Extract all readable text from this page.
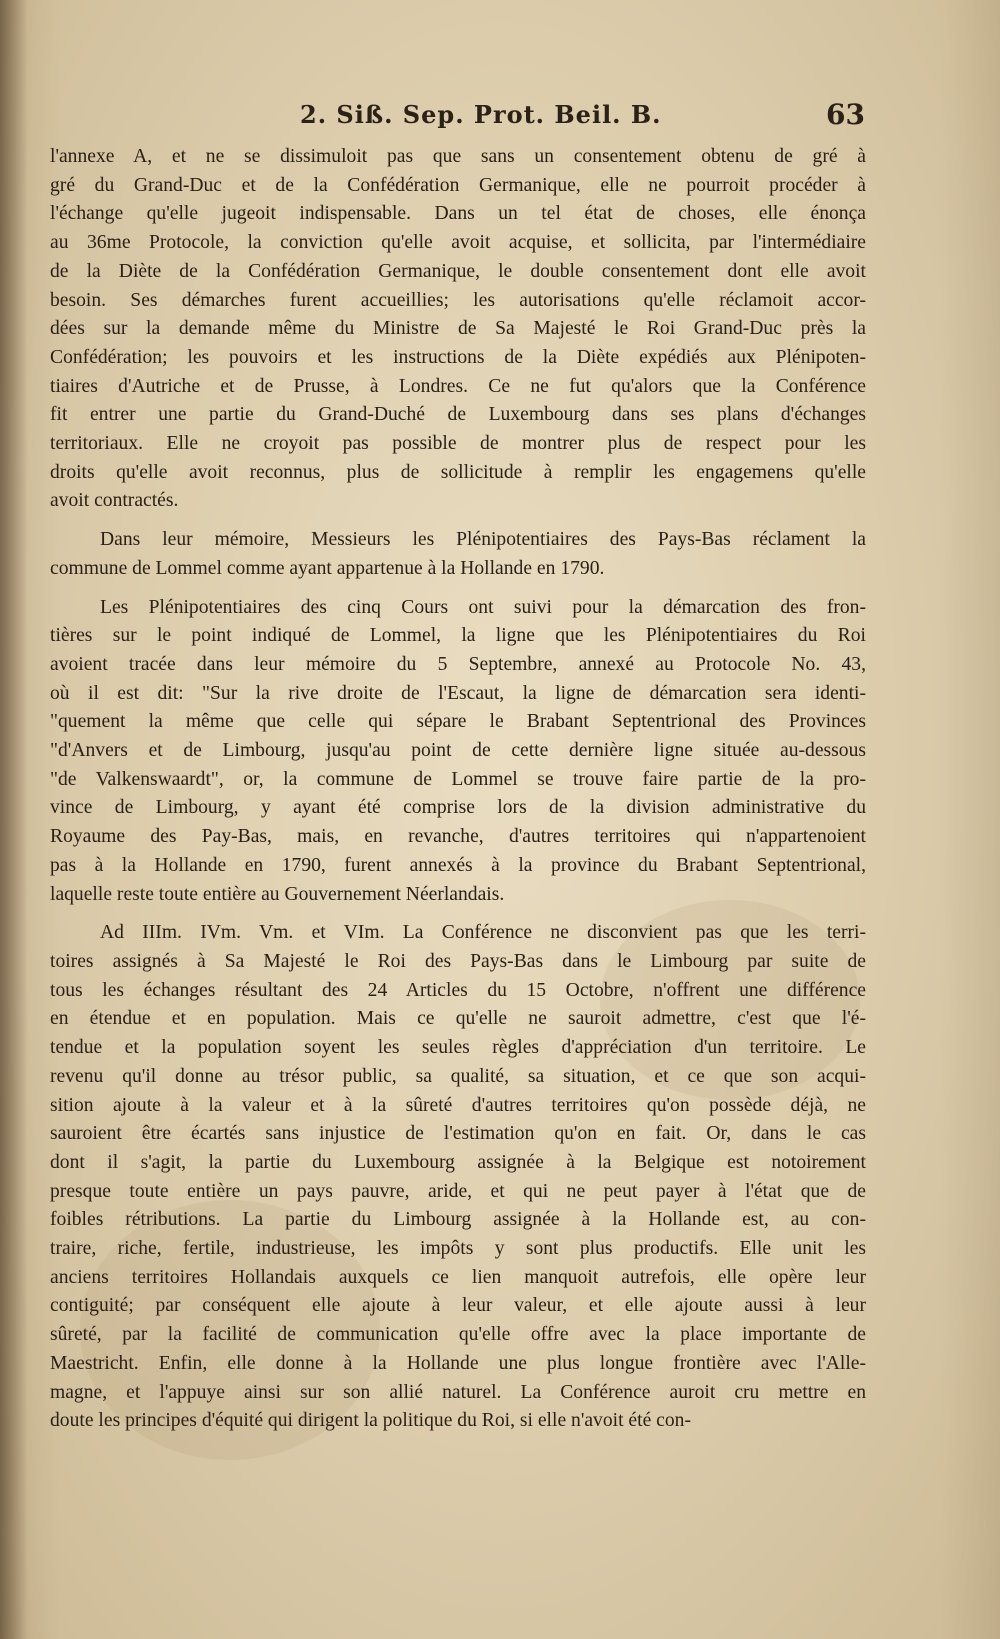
2. Siß. Sep. Prot. Beil. B.	63
l'annexe A, et ne se dissimuloit pas que sans un consentement obtenu de gré à
gré du Grand-Duc et de la Confédération Germanique, elle ne pourroit procéder à
l'échange qu'elle jugeoit indispensable. Dans un tel état de choses, elle énonça
au 36me Protocole, la conviction qu'elle avoit acquise, et sollicita, par l'intermédiaire
de la Diète de la Confédération Germanique, le double consentement dont elle avoit
besoin. Ses démarches furent accueillies; les autorisations qu'elle réclamoit accor-
dées sur la demande même du Ministre de Sa Majesté le Roi Grand-Duc près la
Confédération; les pouvoirs et les instructions de la Diète expédiés aux Plénipoten-
tiaires d'Autriche et de Prusse, à Londres. Ce ne fut qu'alors que la Conférence
fit entrer une partie du Grand-Duché de Luxembourg dans ses plans d'échanges
territoriaux. Elle ne croyoit pas possible de montrer plus de respect pour les
droits qu'elle avoit reconnus, plus de sollicitude à remplir les engagemens qu'elle
avoit contractés.
Dans leur mémoire, Messieurs les Plénipotentiaires des Pays-Bas réclament la
commune de Lommel comme ayant appartenue à la Hollande en 1790.
Les Plénipotentiaires des cinq Cours ont suivi pour la démarcation des fron-
tières sur le point indiqué de Lommel, la ligne que les Plénipotentiaires du Roi
avoient tracée dans leur mémoire du 5 Septembre, annexé au Protocole No. 43,
où il est dit: "Sur la rive droite de l'Escaut, la ligne de démarcation sera identi-
"quement la même que celle qui sépare le Brabant Septentrional des Provinces
"d'Anvers et de Limbourg, jusqu'au point de cette dernière ligne située au-dessous
"de Valkenswaardt", or, la commune de Lommel se trouve faire partie de la pro-
vince de Limbourg, y ayant été comprise lors de la division administrative du
Royaume des Pay-Bas, mais, en revanche, d'autres territoires qui n'appartenoient
pas à la Hollande en 1790, furent annexés à la province du Brabant Septentrional,
laquelle reste toute entière au Gouvernement Néerlandais.
Ad IIIm. IVm. Vm. et VIm. La Conférence ne disconvient pas que les terri-
toires assignés à Sa Majesté le Roi des Pays-Bas dans le Limbourg par suite de
tous les échanges résultant des 24 Articles du 15 Octobre, n'offrent une différence
en étendue et en population. Mais ce qu'elle ne sauroit admettre, c'est que l'é-
tendue et la population soyent les seules règles d'appréciation d'un territoire. Le
revenu qu'il donne au trésor public, sa qualité, sa situation, et ce que son acqui-
sition ajoute à la valeur et à la sûreté d'autres territoires qu'on possède déjà, ne
sauroient être écartés sans injustice de l'estimation qu'on en fait. Or, dans le cas
dont il s'agit, la partie du Luxembourg assignée à la Belgique est notoirement
presque toute entière un pays pauvre, aride, et qui ne peut payer à l'état que de
foibles rétributions. La partie du Limbourg assignée à la Hollande est, au con-
traire, riche, fertile, industrieuse, les impôts y sont plus productifs. Elle unit les
anciens territoires Hollandais auxquels ce lien manquoit autrefois, elle opère leur
contiguité; par conséquent elle ajoute à leur valeur, et elle ajoute aussi à leur
sûreté, par la facilité de communication qu'elle offre avec la place importante de
Maestricht. Enfin, elle donne à la Hollande une plus longue frontière avec l'Alle-
magne, et l'appuye ainsi sur son allié naturel. La Conférence auroit cru mettre en
doute les principes d'équité qui dirigent la politique du Roi, si elle n'avoit été con-
